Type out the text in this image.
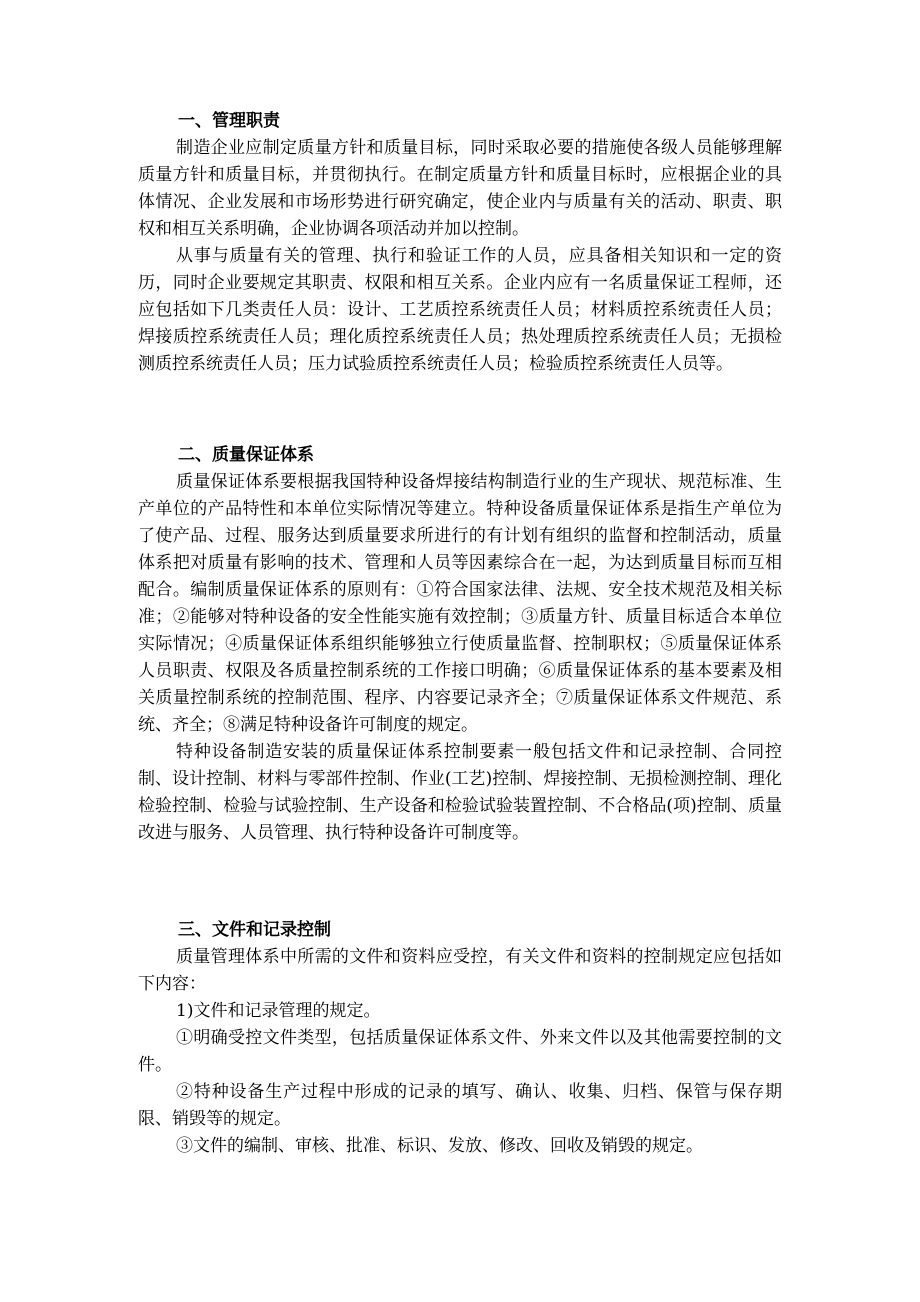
一、管理职责

制造企业应制定质量方针和质量目标，同时采取必要的措施使各级人员能够理解质量方针和质量目标，并贯彻执行。在制定质量方针和质量目标时，应根据企业的具体情况、企业发展和市场形势进行研究确定，使企业内与质量有关的活动、职责、职权和相互关系明确，企业协调各项活动并加以控制。

从事与质量有关的管理、执行和验证工作的人员，应具备相关知识和一定的资历，同时企业要规定其职责、权限和相互关系。企业内应有一名质量保证工程师，还应包括如下几类责任人员：设计、工艺质控系统责任人员；材料质控系统责任人员；焊接质控系统责任人员；理化质控系统责任人员；热处理质控系统责任人员；无损检测质控系统责任人员；压力试验质控系统责任人员；检验质控系统责任人员等。

二、质量保证体系

质量保证体系要根据我国特种设备焊接结构制造行业的生产现状、规范标准、生产单位的产品特性和本单位实际情况等建立。特种设备质量保证体系是指生产单位为了使产品、过程、服务达到质量要求所进行的有计划有组织的监督和控制活动，质量体系把对质量有影响的技术、管理和人员等因素综合在一起，为达到质量目标而互相配合。编制质量保证体系的原则有：①符合国家法律、法规、安全技术规范及相关标准；②能够对特种设备的安全性能实施有效控制；③质量方针、质量目标适合本单位实际情况；④质量保证体系组织能够独立行使质量监督、控制职权；⑤质量保证体系人员职责、权限及各质量控制系统的工作接口明确；⑥质量保证体系的基本要素及相关质量控制系统的控制范围、程序、内容要记录齐全；⑦质量保证体系文件规范、系统、齐全；⑧满足特种设备许可制度的规定。

特种设备制造安装的质量保证体系控制要素一般包括文件和记录控制、合同控制、设计控制、材料与零部件控制、作业(工艺)控制、焊接控制、无损检测控制、理化检验控制、检验与试验控制、生产设备和检验试验装置控制、不合格品(项)控制、质量改进与服务、人员管理、执行特种设备许可制度等。

三、文件和记录控制

质量管理体系中所需的文件和资料应受控，有关文件和资料的控制规定应包括如下内容：

1)文件和记录管理的规定。

①明确受控文件类型，包括质量保证体系文件、外来文件以及其他需要控制的文件。

②特种设备生产过程中形成的记录的填写、确认、收集、归档、保管与保存期限、销毁等的规定。

③文件的编制、审核、批准、标识、发放、修改、回收及销毁的规定。
